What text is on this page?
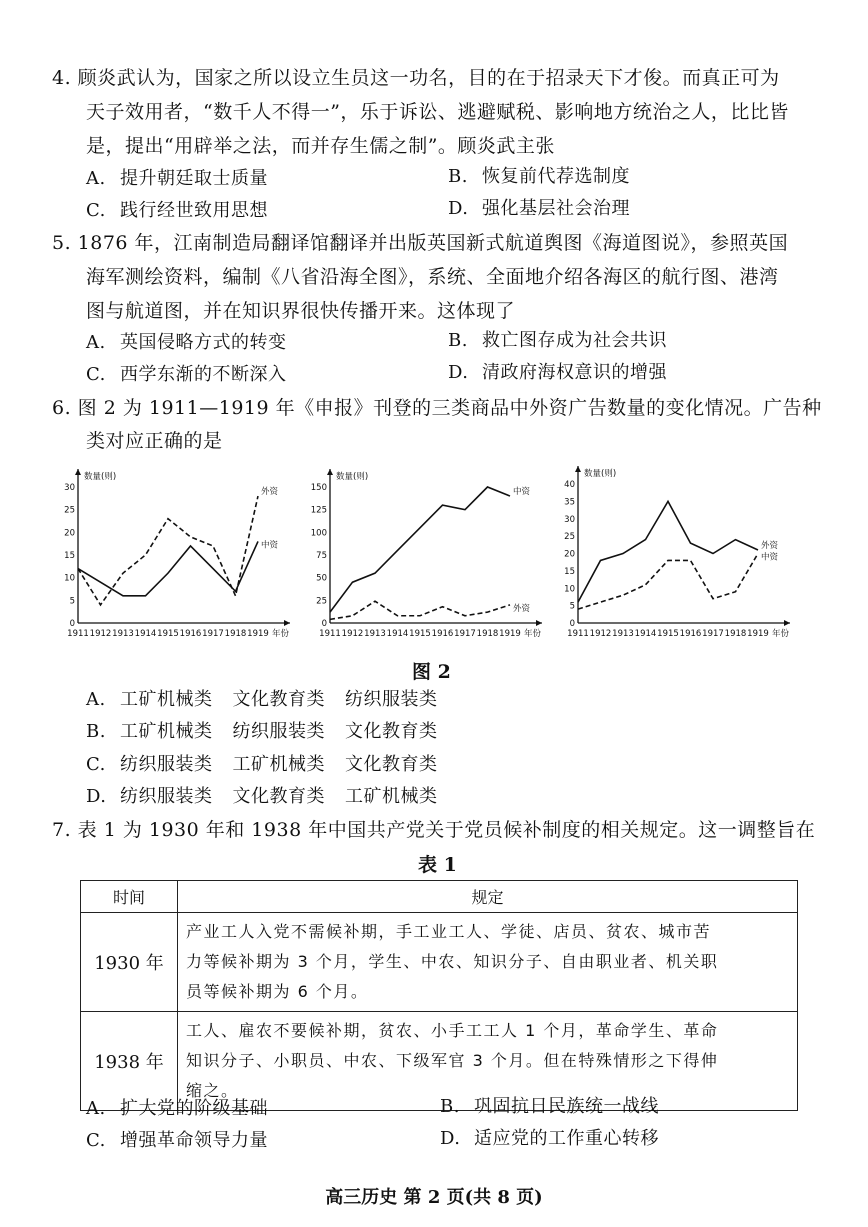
4. 顾炎武认为，国家之所以设立生员这一功名，目的在于招录天下才俊。而真正可为
天子效用者，“数千人不得一”，乐于诉讼、逃避赋税、影响地方统治之人，比比皆
是，提出“用辟举之法，而并存生儒之制”。顾炎武主张
A. 提升朝廷取士质量	B. 恢复前代荐选制度
C. 践行经世致用思想	D. 强化基层社会治理
5. 1876 年，江南制造局翻译馆翻译并出版英国新式航道舆图《海道图说》，参照英国
海军测绘资料，编制《八省沿海全图》，系统、全面地介绍各海区的航行图、港湾
图与航道图，并在知识界很快传播开来。这体现了
A. 英国侵略方式的转变	B. 救亡图存成为社会共识
C. 西学东渐的不断深入	D. 清政府海权意识的增强
6. 图 2 为 1911—1919 年《申报》刊登的三类商品中外资广告数量的变化情况。广告种
类对应正确的是
数量(则)
0
5
10
15
20
25
30
1911 1912 1913 1914 1915 1916 1917 1918 1919 年份
外资
中资
数量(则)
0
25
50
75
100
125
150
1911 1912 1913 1914 1915 1916 1917 1918 1919 年份
中资
外资
数量(则)
0
5
10
15
20
25
30
35
40
1911 1912 1913 1914 1915 1916 1917 1918 1919 年份
外资
中资
图 2
A. 工矿机械类 文化教育类 纺织服装类
B. 工矿机械类 纺织服装类 文化教育类
C. 纺织服装类 工矿机械类 文化教育类
D. 纺织服装类 文化教育类 工矿机械类
7. 表 1 为 1930 年和 1938 年中国共产党关于党员候补制度的相关规定。这一调整旨在
表 1
时间	规定
1930 年	产业工人入党不需候补期，手工业工人、学徒、店员、贫农、城市苦
力等候补期为 3 个月，学生、中农、知识分子、自由职业者、机关职
员等候补期为 6 个月。

1938 年	工人、雇农不要候补期，贫农、小手工工人 1 个月，革命学生、革命
知识分子、小职员、中农、下级军官 3 个月。但在特殊情形之下得伸
缩之。
A. 扩大党的阶级基础	B. 巩固抗日民族统一战线
C. 增强革命领导力量	D. 适应党的工作重心转移
高三历史 第 2 页(共 8 页)
